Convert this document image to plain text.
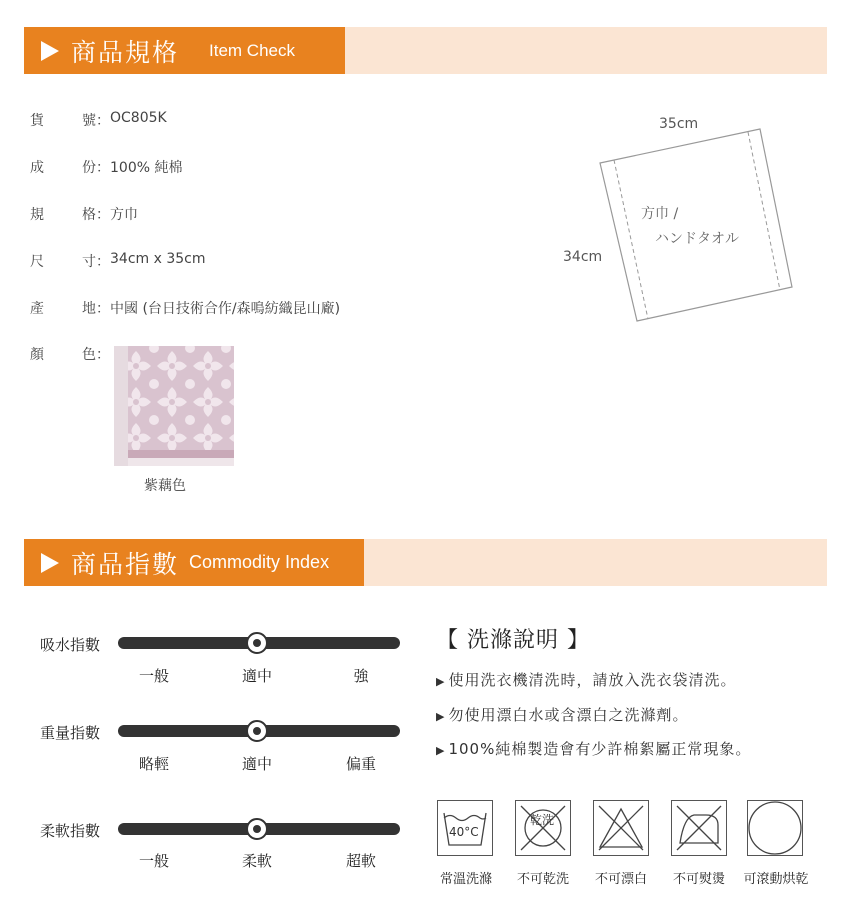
商品規格 Item Check
貨	號 ： OC805K
成	份 ： 100% 純棉
規	格 ： 方巾
尺	寸 ： 34cm x 35cm
產	地 ： 中國 (台日技術合作/森鳴紡織昆山廠)
顏	色 ：
紫藕色
35cm
34cm
方巾 /
ハンドタオル
商品指數 Commodity Index
吸水指數
一般	適中	強
重量指數
略輕	適中	偏重
柔軟指數
一般	柔軟	超軟
【 洗滌說明 】
▶ 使用洗衣機清洗時，請放入洗衣袋清洗。
▶ 勿使用漂白水或含漂白之洗滌劑。
▶ 100%純棉製造會有少許棉絮屬正常現象。
40°C
乾洗
常溫洗滌	不可乾洗	不可漂白	不可熨燙	可滾動烘乾
